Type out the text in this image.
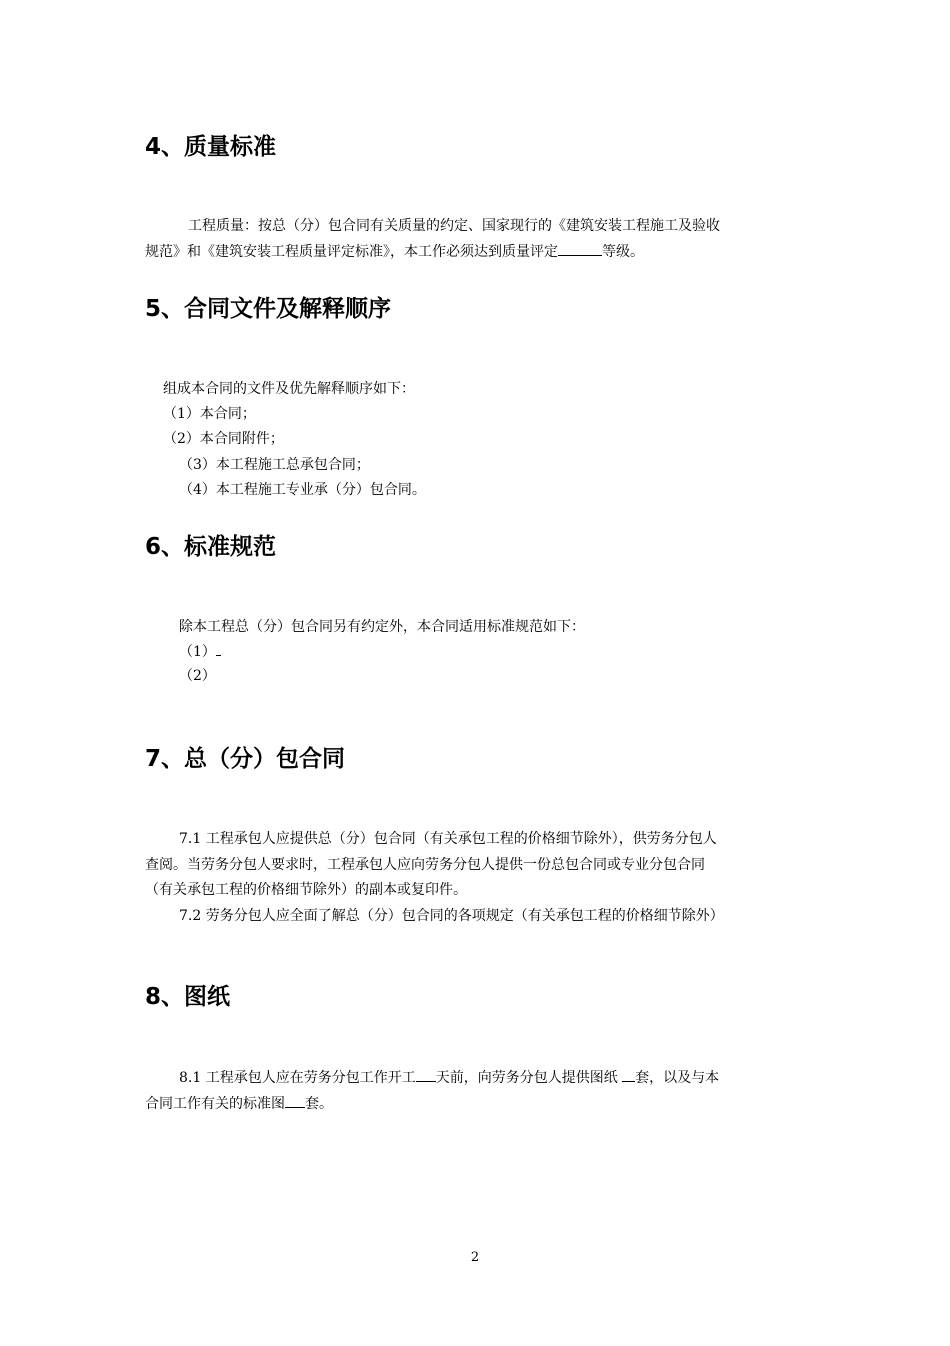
4、质量标准

工程质量：按总（分）包合同有关质量的约定、国家现行的《建筑安装工程施工及验收

规范》和《建筑安装工程质量评定标准》，本工作必须达到质量评定	等级。

5、合同文件及解释顺序

组成本合同的文件及优先解释顺序如下：

（1）本合同；

（2）本合同附件；

（3）本工程施工总承包合同；

（4）本工程施工专业承（分）包合同。

6、标准规范

除本工程总（分）包合同另有约定外，本合同适用标准规范如下：

（1）

（2）

7、总（分）包合同

7.1 工程承包人应提供总（分）包合同（有关承包工程的价格细节除外），供劳务分包人

查阅。当劳务分包人要求时，工程承包人应向劳务分包人提供一份总包合同或专业分包合同

（有关承包工程的价格细节除外）的副本或复印件。

7.2 劳务分包人应全面了解总（分）包合同的各项规定（有关承包工程的价格细节除外）

8、图纸

8.1 工程承包人应在劳务分包工作开工 天前，向劳务分包人提供图纸 套，以及与本

合同工作有关的标准图 套。

2
